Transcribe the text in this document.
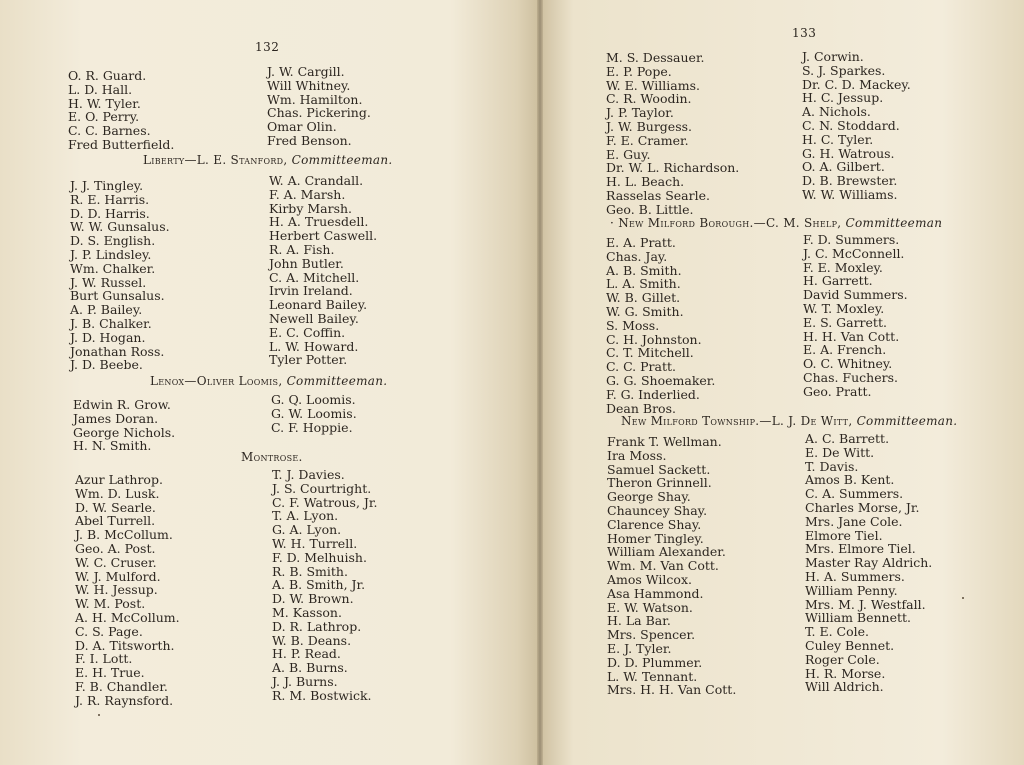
132
O. R. Guard.
L. D. Hall.
H. W. Tyler.
E. O. Perry.
C. C. Barnes.
Fred Butterfield.
J. W. Cargill.
Will Whitney.
Wm. Hamilton.
Chas. Pickering.
Omar Olin.
Fred Benson.
Liberty—L. E. Stanford, Committeeman.
J. J. Tingley.
R. E. Harris.
D. D. Harris.
W. W. Gunsalus.
D. S. English.
J. P. Lindsley.
Wm. Chalker.
J. W. Russel.
Burt Gunsalus.
A. P. Bailey.
J. B. Chalker.
J. D. Hogan.
Jonathan Ross.
J. D. Beebe.
W. A. Crandall.
F. A. Marsh.
Kirby Marsh.
H. A. Truesdell.
Herbert Caswell.
R. A. Fish.
John Butler.
C. A. Mitchell.
Irvin Ireland.
Leonard Bailey.
Newell Bailey.
E. C. Coffin.
L. W. Howard.
Tyler Potter.
Lenox—Oliver Loomis, Committeeman.
Edwin R. Grow.
James Doran.
George Nichols.
H. N. Smith.
G. Q. Loomis.
G. W. Loomis.
C. F. Hoppie.
Montrose.
Azur Lathrop.
Wm. D. Lusk.
D. W. Searle.
Abel Turrell.
J. B. McCollum.
Geo. A. Post.
W. C. Cruser.
W. J. Mulford.
W. H. Jessup.
W. M. Post.
A. H. McCollum.
C. S. Page.
D. A. Titsworth.
F. I. Lott.
E. H. True.
F. B. Chandler.
J. R. Raynsford.
T. J. Davies.
J. S. Courtright.
C. F. Watrous, Jr.
T. A. Lyon.
G. A. Lyon.
W. H. Turrell.
F. D. Melhuish.
R. B. Smith.
A. B. Smith, Jr.
D. W. Brown.
M. Kasson.
D. R. Lathrop.
W. B. Deans.
H. P. Read.
A. B. Burns.
J. J. Burns.
R. M. Bostwick.
133
M. S. Dessauer.
E. P. Pope.
W. E. Williams.
C. R. Woodin.
J. P. Taylor.
J. W. Burgess.
F. E. Cramer.
E. Guy.
Dr. W. L. Richardson.
H. L. Beach.
Rasselas Searle.
Geo. B. Little.
J. Corwin.
S. J. Sparkes.
Dr. C. D. Mackey.
H. C. Jessup.
A. Nichols.
C. N. Stoddard.
H. C. Tyler.
G. H. Watrous.
O. A. Gilbert.
D. B. Brewster.
W. W. Williams.
· New Milford Borough.—C. M. Shelp, Committeeman
E. A. Pratt.
Chas. Jay.
A. B. Smith.
L. A. Smith.
W. B. Gillet.
W. G. Smith.
S. Moss.
C. H. Johnston.
C. T. Mitchell.
C. C. Pratt.
G. G. Shoemaker.
F. G. Inderlied.
Dean Bros.
F. D. Summers.
J. C. McConnell.
F. E. Moxley.
H. Garrett.
David Summers.
W. T. Moxley.
E. S. Garrett.
H. H. Van Cott.
E. A. French.
O. C. Whitney.
Chas. Fuchers.
Geo. Pratt.
New Milford Township.—L. J. De Witt, Committeeman.
Frank T. Wellman.
Ira Moss.
Samuel Sackett.
Theron Grinnell.
George Shay.
Chauncey Shay.
Clarence Shay.
Homer Tingley.
William Alexander.
Wm. M. Van Cott.
Amos Wilcox.
Asa Hammond.
E. W. Watson.
H. La Bar.
Mrs. Spencer.
E. J. Tyler.
D. D. Plummer.
L. W. Tennant.
Mrs. H. H. Van Cott.
A. C. Barrett.
E. De Witt.
T. Davis.
Amos B. Kent.
C. A. Summers.
Charles Morse, Jr.
Mrs. Jane Cole.
Elmore Tiel.
Mrs. Elmore Tiel.
Master Ray Aldrich.
H. A. Summers.
William Penny.
Mrs. M. J. Westfall.
William Bennett.
T. E. Cole.
Culey Bennet.
Roger Cole.
H. R. Morse.
Will Aldrich.
